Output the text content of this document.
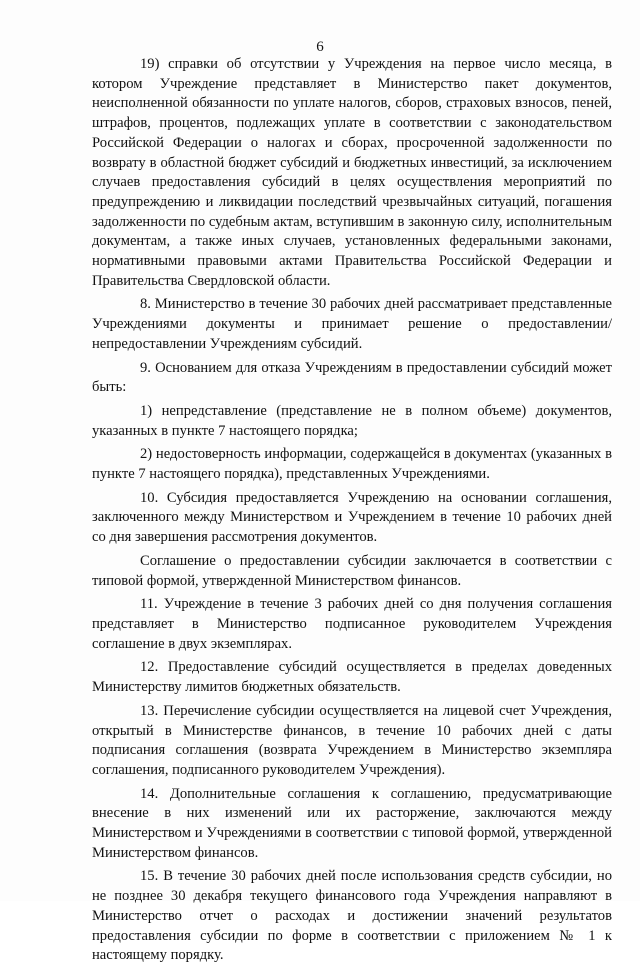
6

19) справки об отсутствии у Учреждения на первое число месяца, в котором Учреждение представляет в Министерство пакет документов, неисполненной обязанности по уплате налогов, сборов, страховых взносов, пеней, штрафов, процентов, подлежащих уплате в соответствии с законодательством Российской Федерации о налогах и сборах, просроченной задолженности по возврату в областной бюджет субсидий и бюджетных инвестиций, за исключением случаев предоставления субсидий в целях осуществления мероприятий по предупреждению и ликвидации последствий чрезвычайных ситуаций, погашения задолженности по судебным актам, вступившим в законную силу, исполнительным документам, а также иных случаев, установленных федеральными законами, нормативными правовыми актами Правительства Российской Федерации и Правительства Свердловской области.

8. Министерство в течение 30 рабочих дней рассматривает представленные Учреждениями документы и принимает решение о предоставлении/непредоставлении Учреждениям субсидий.

9. Основанием для отказа Учреждениям в предоставлении субсидий может быть:

1) непредставление (представление не в полном объеме) документов, указанных в пункте 7 настоящего порядка;

2) недостоверность информации, содержащейся в документах (указанных в пункте 7 настоящего порядка), представленных Учреждениями.

10. Субсидия предоставляется Учреждению на основании соглашения, заключенного между Министерством и Учреждением в течение 10 рабочих дней со дня завершения рассмотрения документов.

Соглашение о предоставлении субсидии заключается в соответствии с типовой формой, утвержденной Министерством финансов.

11. Учреждение в течение 3 рабочих дней со дня получения соглашения представляет в Министерство подписанное руководителем Учреждения соглашение в двух экземплярах.

12. Предоставление субсидий осуществляется в пределах доведенных Министерству лимитов бюджетных обязательств.

13. Перечисление субсидии осуществляется на лицевой счет Учреждения, открытый в Министерстве финансов, в течение 10 рабочих дней с даты подписания соглашения (возврата Учреждением в Министерство экземпляра соглашения, подписанного руководителем Учреждения).

14. Дополнительные соглашения к соглашению, предусматривающие внесение в них изменений или их расторжение, заключаются между Министерством и Учреждениями в соответствии с типовой формой, утвержденной Министерством финансов.

15. В течение 30 рабочих дней после использования средств субсидии, но не позднее 30 декабря текущего финансового года Учреждения направляют в Министерство отчет о расходах и достижении значений результатов предоставления субсидии по форме в соответствии с приложением № 1 к настоящему порядку.
